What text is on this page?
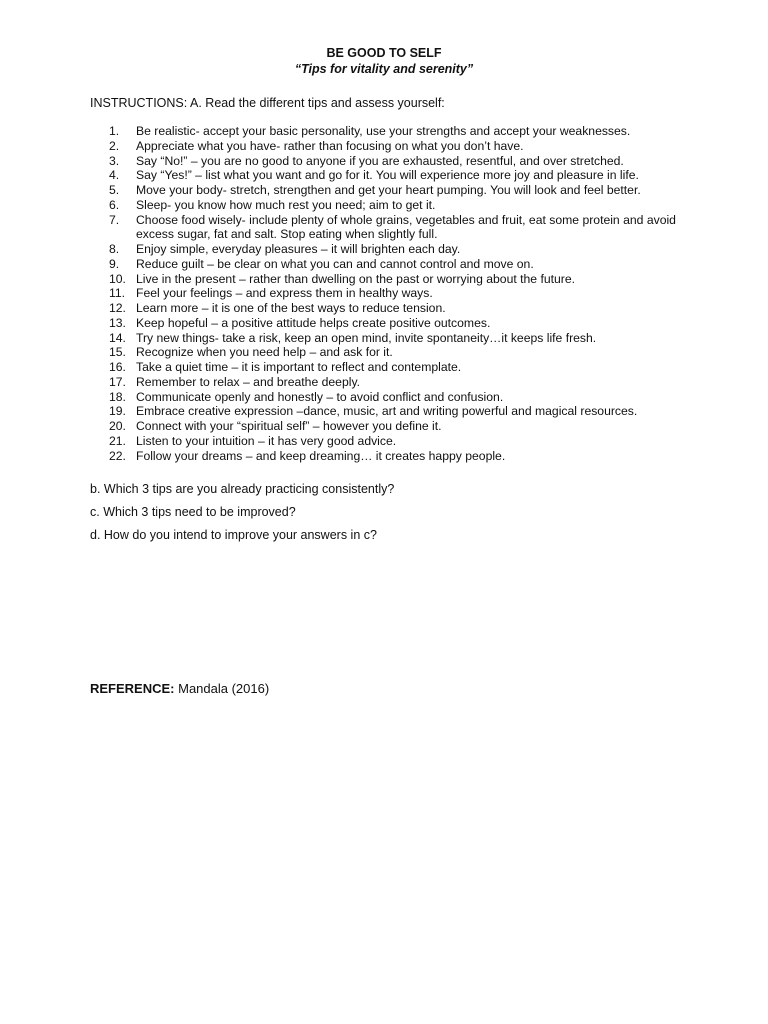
BE GOOD TO SELF
“Tips for vitality and serenity”
INSTRUCTIONS: A. Read the different tips and assess yourself:
1.	Be realistic- accept your basic personality, use your strengths and accept your weaknesses.
2.	Appreciate what you have- rather than focusing on what you don’t have.
3.	Say “No!” – you are no good to anyone if you are exhausted, resentful, and over stretched.
4.	Say “Yes!” – list what you want and go for it. You will experience more joy and pleasure in life.
5.	Move your body- stretch, strengthen and get your heart pumping. You will look and feel better.
6.	Sleep- you know how much rest you need; aim to get it.
7.	Choose food wisely- include plenty of whole grains, vegetables and fruit, eat some protein and avoid excess sugar, fat and salt. Stop eating when slightly full.
8.	Enjoy simple, everyday pleasures – it will brighten each day.
9.	Reduce guilt – be clear on what you can and cannot control and move on.
10. Live in the present – rather than dwelling on the past or worrying about the future.
11. Feel your feelings – and express them in healthy ways.
12. Learn more – it is one of the best ways to reduce tension.
13. Keep hopeful – a positive attitude helps create positive outcomes.
14. Try new things- take a risk, keep an open mind, invite spontaneity…it keeps life fresh.
15. Recognize when you need help – and ask for it.
16. Take a quiet time – it is important to reflect and contemplate.
17. Remember to relax – and breathe deeply.
18. Communicate openly and honestly – to avoid conflict and confusion.
19. Embrace creative expression –dance, music, art and writing powerful and magical resources.
20. Connect with your “spiritual self” – however you define it.
21. Listen to your intuition – it has very good advice.
22. Follow your dreams – and keep dreaming… it creates happy people.
b. Which 3 tips are you already practicing consistently?
c. Which 3 tips need to be improved?
d. How do you intend to improve your answers in c?
REFERENCE: Mandala (2016)
